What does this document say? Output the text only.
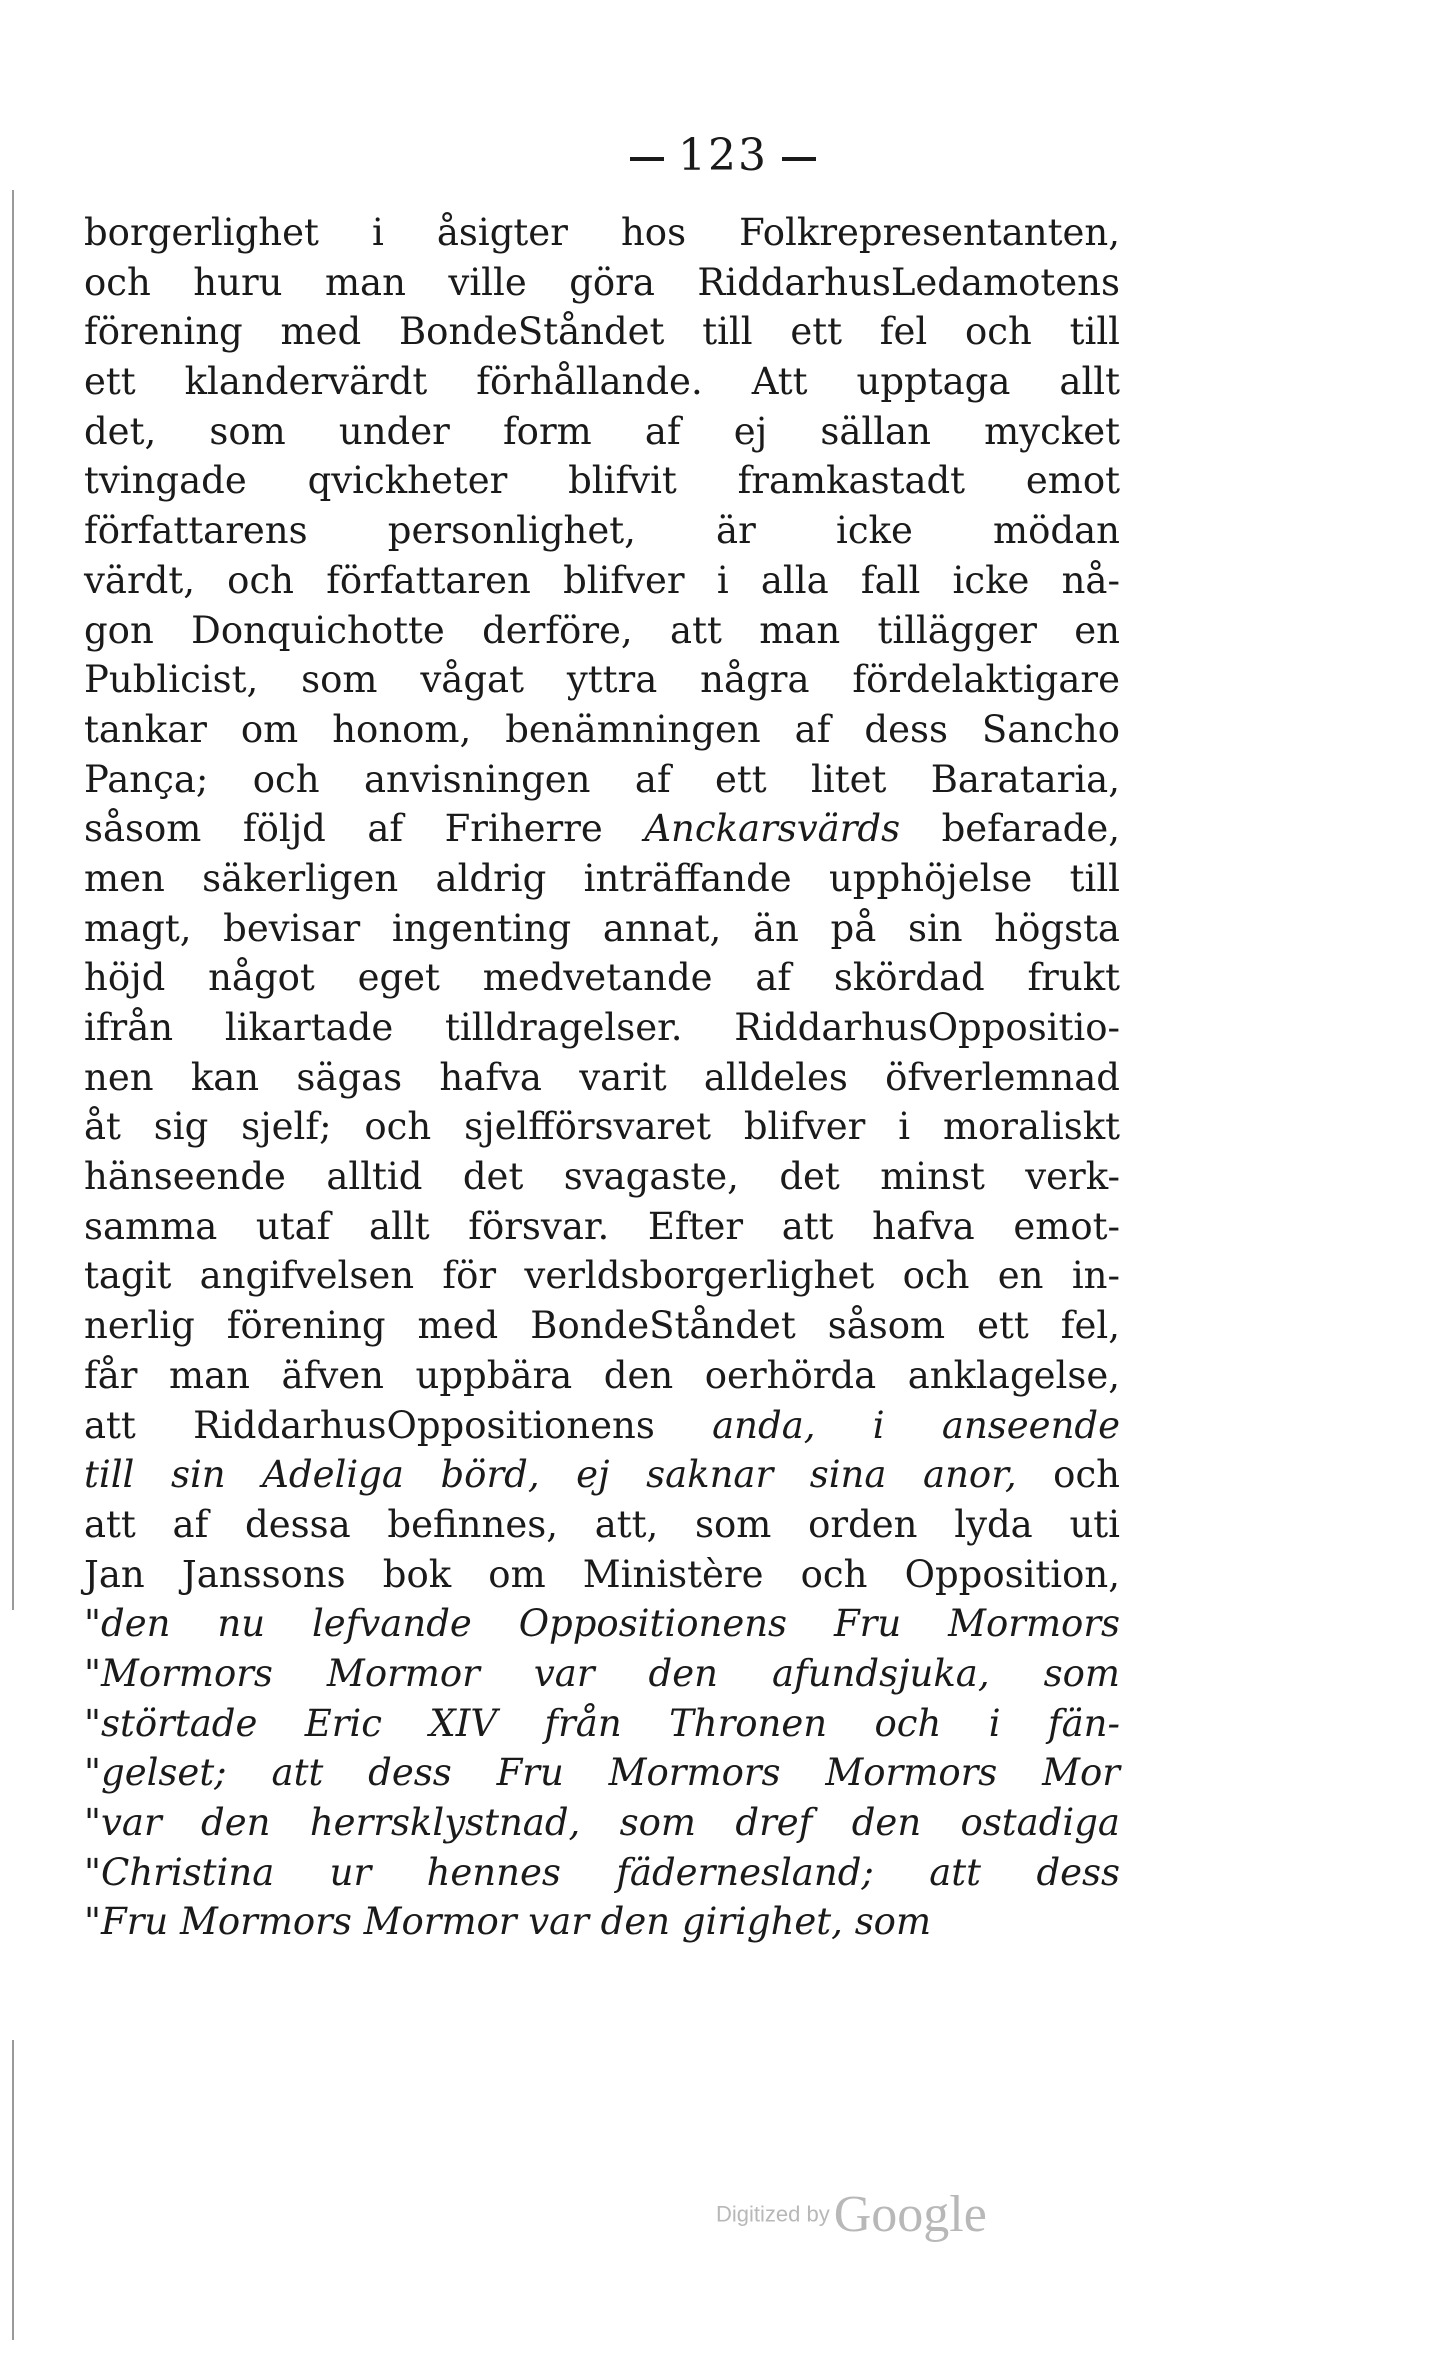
123
borgerlighet i åsigter hos Folkrepresentanten,
och huru man ville göra RiddarhusLedamotens
förening med BondeStåndet till ett fel och till
ett klandervärdt förhållande. Att upptaga allt
det, som under form af ej sällan mycket
tvingade qvickheter blifvit framkastadt emot
författarens personlighet, är icke mödan
värdt, och författaren blifver i alla fall icke nå-
gon Donquichotte derföre, att man tillägger en
Publicist, som vågat yttra några fördelaktigare
tankar om honom, benämningen af dess Sancho
Pança; och anvisningen af ett litet Barataria,
såsom följd af Friherre Anckarsvärds befarade,
men säkerligen aldrig inträffande upphöjelse till
magt, bevisar ingenting annat, än på sin högsta
höjd något eget medvetande af skördad frukt
ifrån likartade tilldragelser. RiddarhusOppositio-
nen kan sägas hafva varit alldeles öfverlemnad
åt sig sjelf; och sjelfförsvaret blifver i moraliskt
hänseende alltid det svagaste, det minst verk-
samma utaf allt försvar. Efter att hafva emot-
tagit angifvelsen för verldsborgerlighet och en in-
nerlig förening med BondeStåndet såsom ett fel,
får man äfven uppbära den oerhörda anklagelse,
att RiddarhusOppositionens anda, i anseende
till sin Adeliga börd, ej saknar sina anor, och
att af dessa befinnes, att, som orden lyda uti
Jan Janssons bok om Ministère och Opposition,
"den nu lefvande Oppositionens Fru Mormors
"Mormors Mormor var den afundsjuka, som
"störtade Eric XIV från Thronen och i fän-
"gelset; att dess Fru Mormors Mormors Mor
"var den herrsklystnad, som dref den ostadiga
"Christina ur hennes fädernesland; att dess
"Fru Mormors Mormor var den girighet, som
Digitized by Google
